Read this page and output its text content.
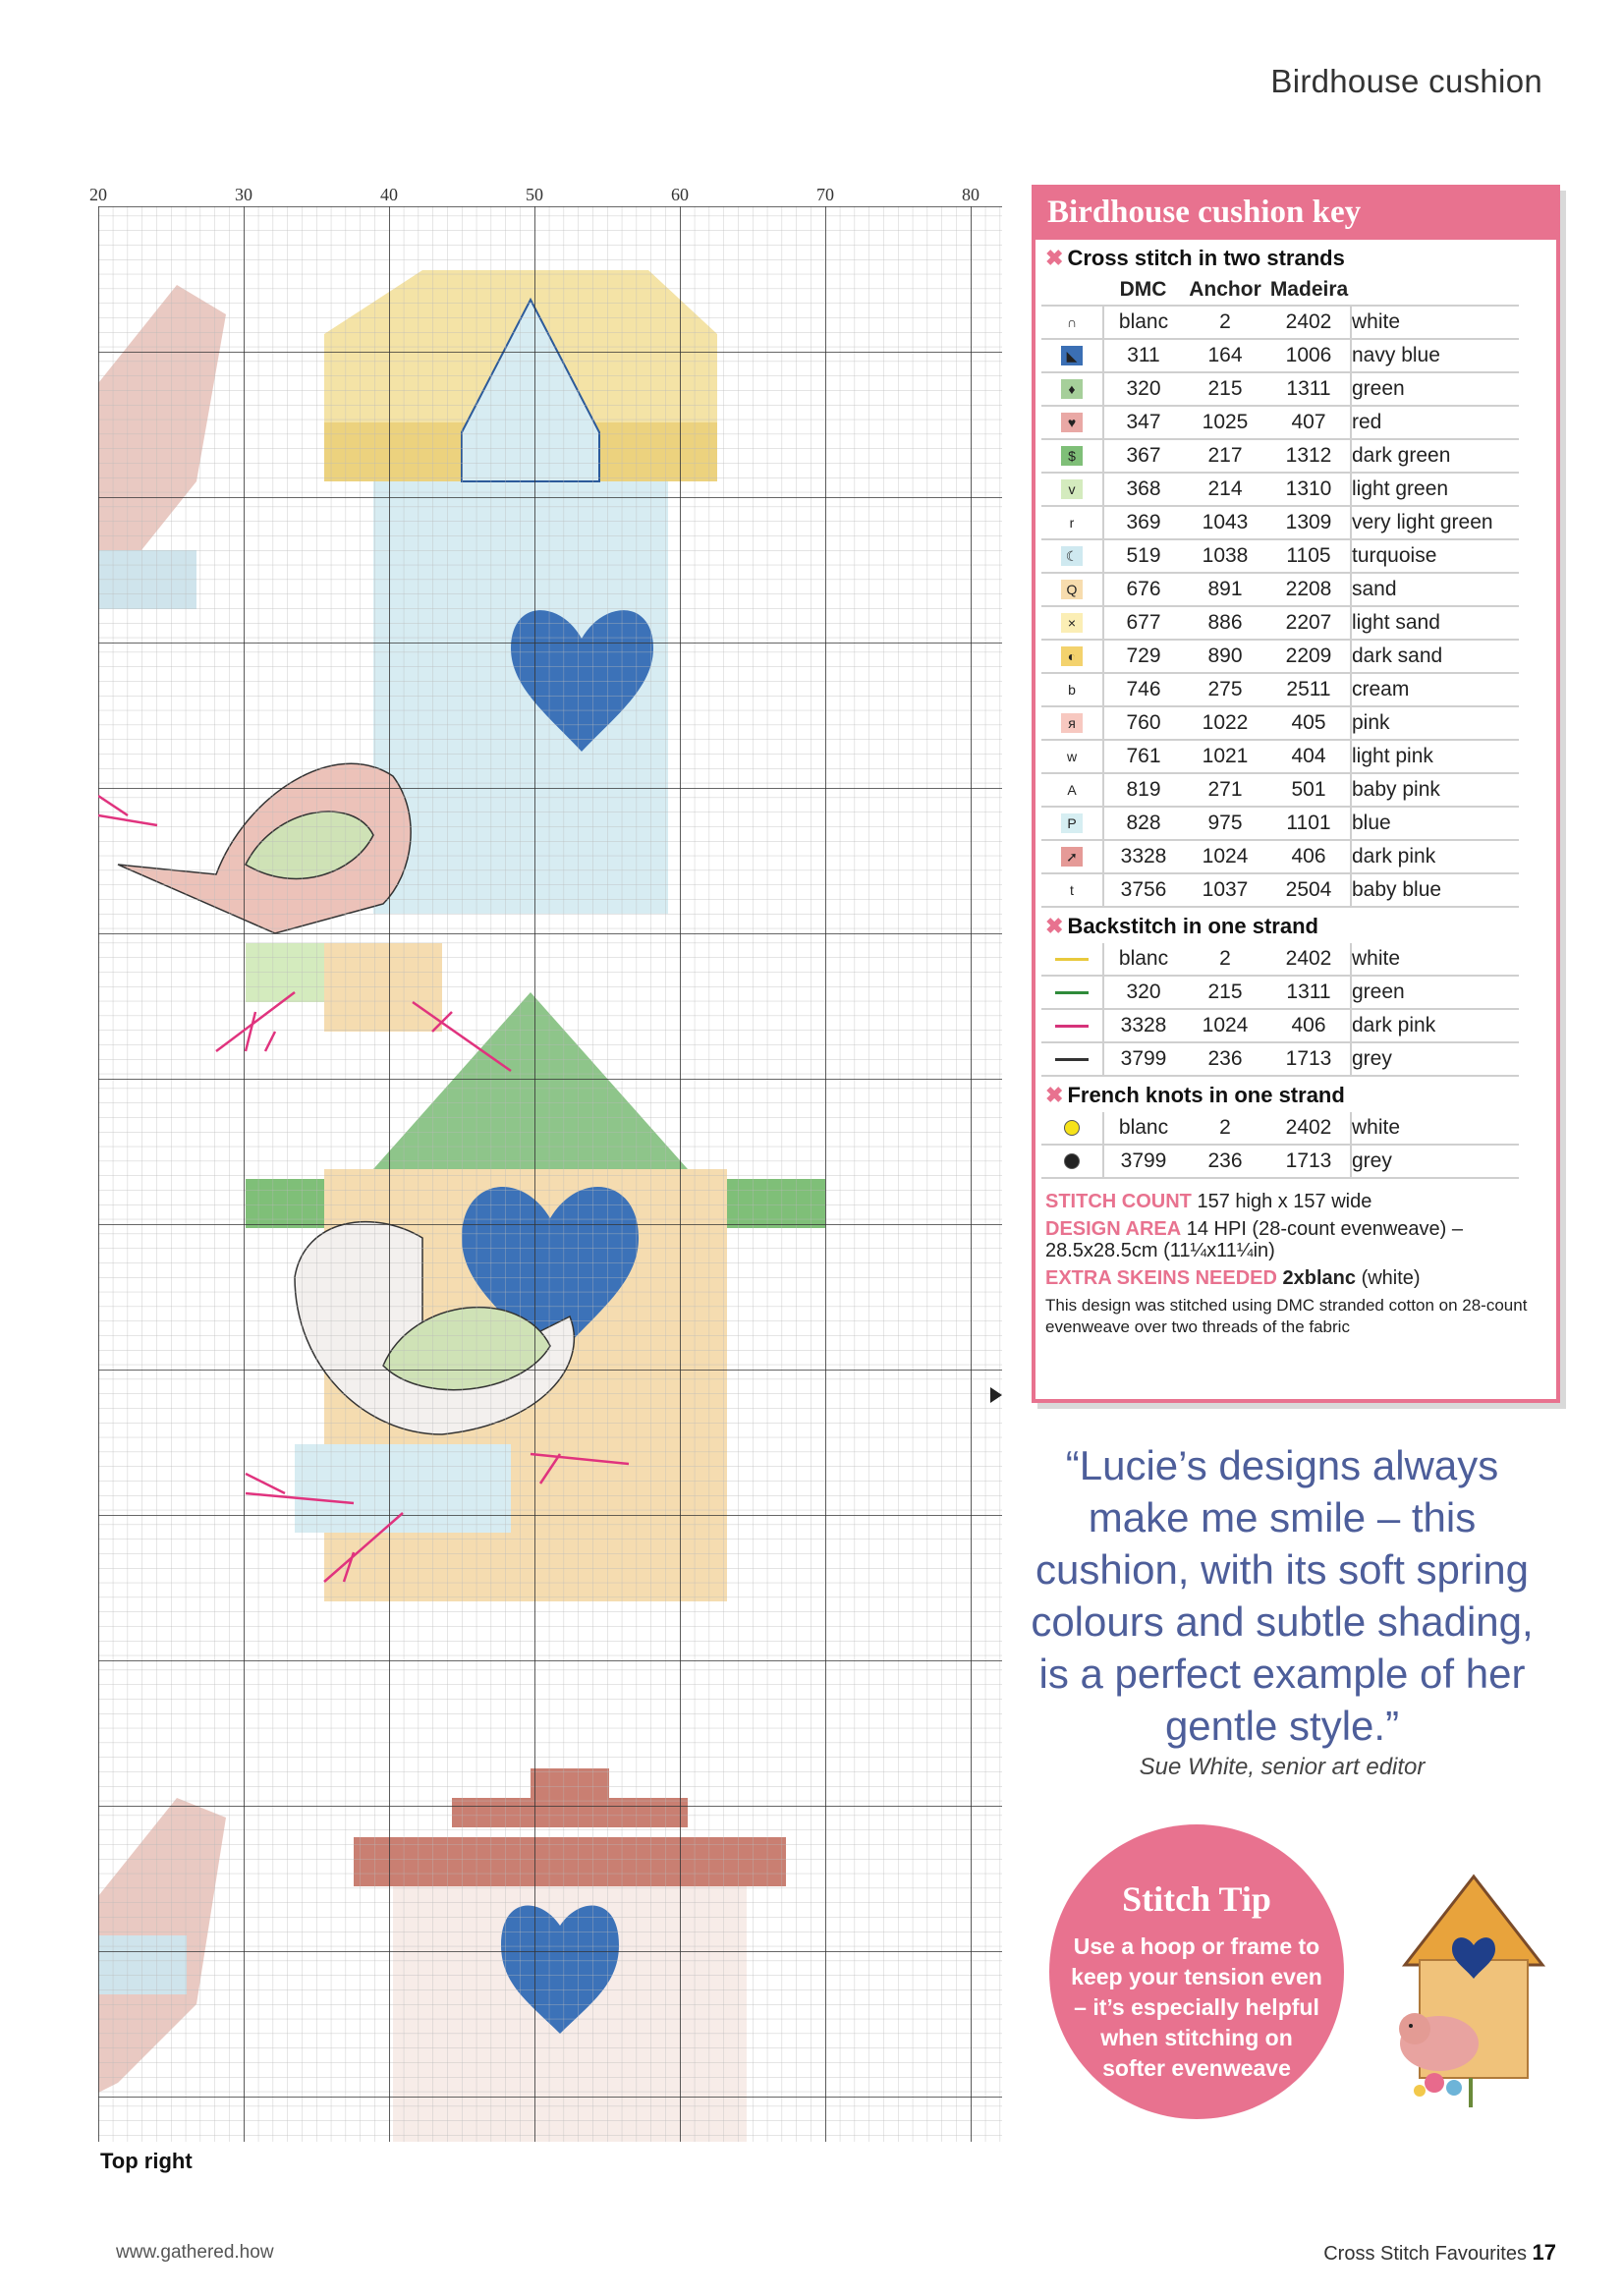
Birdhouse cushion
20	30	40	50	60	70	80
Top right
Birdhouse cushion key
✖ Cross stitch in two strands
	DMC	Anchor	Madeira	
∩	blanc	2	2402	white
◣	311	164	1006	navy blue
♦	320	215	1311	green
♥	347	1025	407	red
$	367	217	1312	dark green
v	368	214	1310	light green
r	369	1043	1309	very light green
☾	519	1038	1105	turquoise
Q	676	891	2208	sand
×	677	886	2207	light sand
◐	729	890	2209	dark sand
b	746	275	2511	cream
я	760	1022	405	pink
w	761	1021	404	light pink
A	819	271	501	baby pink
P	828	975	1101	blue
➚	3328	1024	406	dark pink
t	3756	1037	2504	baby blue
✖ Backstitch in one strand
	blanc	2	2402	white
	320	215	1311	green
	3328	1024	406	dark pink
	3799	236	1713	grey
✖ French knots in one strand
	blanc	2	2402	white
	3799	236	1713	grey

STITCH COUNT 157 high x 157 wide

DESIGN AREA 14 HPI (28-count evenweave) – 28.5x28.5cm (11¼x11¼in)

EXTRA SKEINS NEEDED 2xblanc (white)

This design was stitched using DMC stranded cotton on 28-count evenweave over two threads of the fabric

“Lucie’s designs always make me smile – this cushion, with its soft spring colours and subtle shading, is a perfect example of her gentle style.”
Sue White, senior art editor
Stitch Tip
Use a hoop or frame to keep your tension even – it’s especially helpful when stitching on softer evenweave
www.gathered.how	Cross Stitch Favourites 17
